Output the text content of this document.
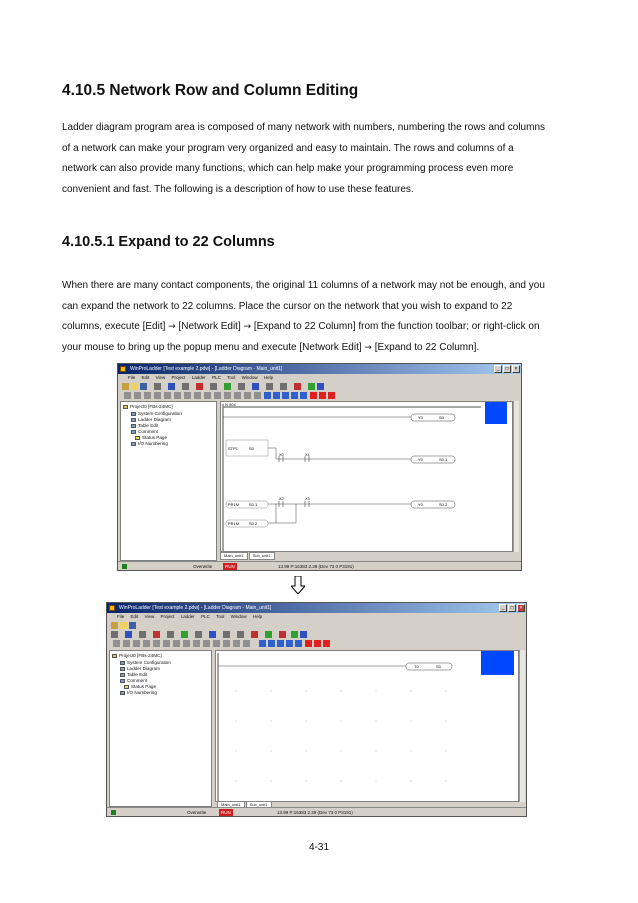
4.10.5 Network Row and Column Editing
Ladder diagram program area is composed of many network with numbers, numbering the rows and columns
of a network can make your program very organized and easy to maintain. The rows and columns of a
network can also provide many functions, which can help make your programming process even more
convenient and fast. The following is a description of how to use these features.
4.10.5.1 Expand to 22 Columns
When there are many contact components, the original 11 columns of a network may not be enough, and you
can expand the network to 22 columns. Place the cursor on the network that you wish to expand to 22
columns, execute [Edit] → [Network Edit] → [Expand to 22 Column] from the function toolbar; or right-click on
your mouse to bring up the popup menu and execute [Network Edit] → [Expand to 22 Column].
WinProLadder [Test example 2.pdw] - [Ladder Diagram - Main_unit1]	_	□	×
File Edit View Project Ladder PLC Tool Window Help
Project0 [FBs-24MC]
System Configuration
Ladder Diagram
Table Edit
Comment
Status Page
I/O Numbering
N 004
Y0	S0
STP1	S0
X0	X1
Y0	S0.1
PR1M S0.1
X2	X3
Y0	S0.2
PR1M S0.2
Main_unit1 Sub_unit1
Overwrite	RUN	13.99 P:16383 2.39 (Dev 73 0 P3191)
WinProLadder [Test example 2.pdw] - [Ladder Diagram - Main_unit1]	_	□	×
File Edit View Project Ladder PLC Tool Window Help
Project0 [FBs-24MC]
System Configuration
Ladder Diagram
Table Edit
Comment
Status Page
I/O Numbering
T0	S0
Main_unit1 Sub_unit1
Overwrite	RUN	13.99 P:16383 2.39 (Dev 73 0 P3191)
4-31
